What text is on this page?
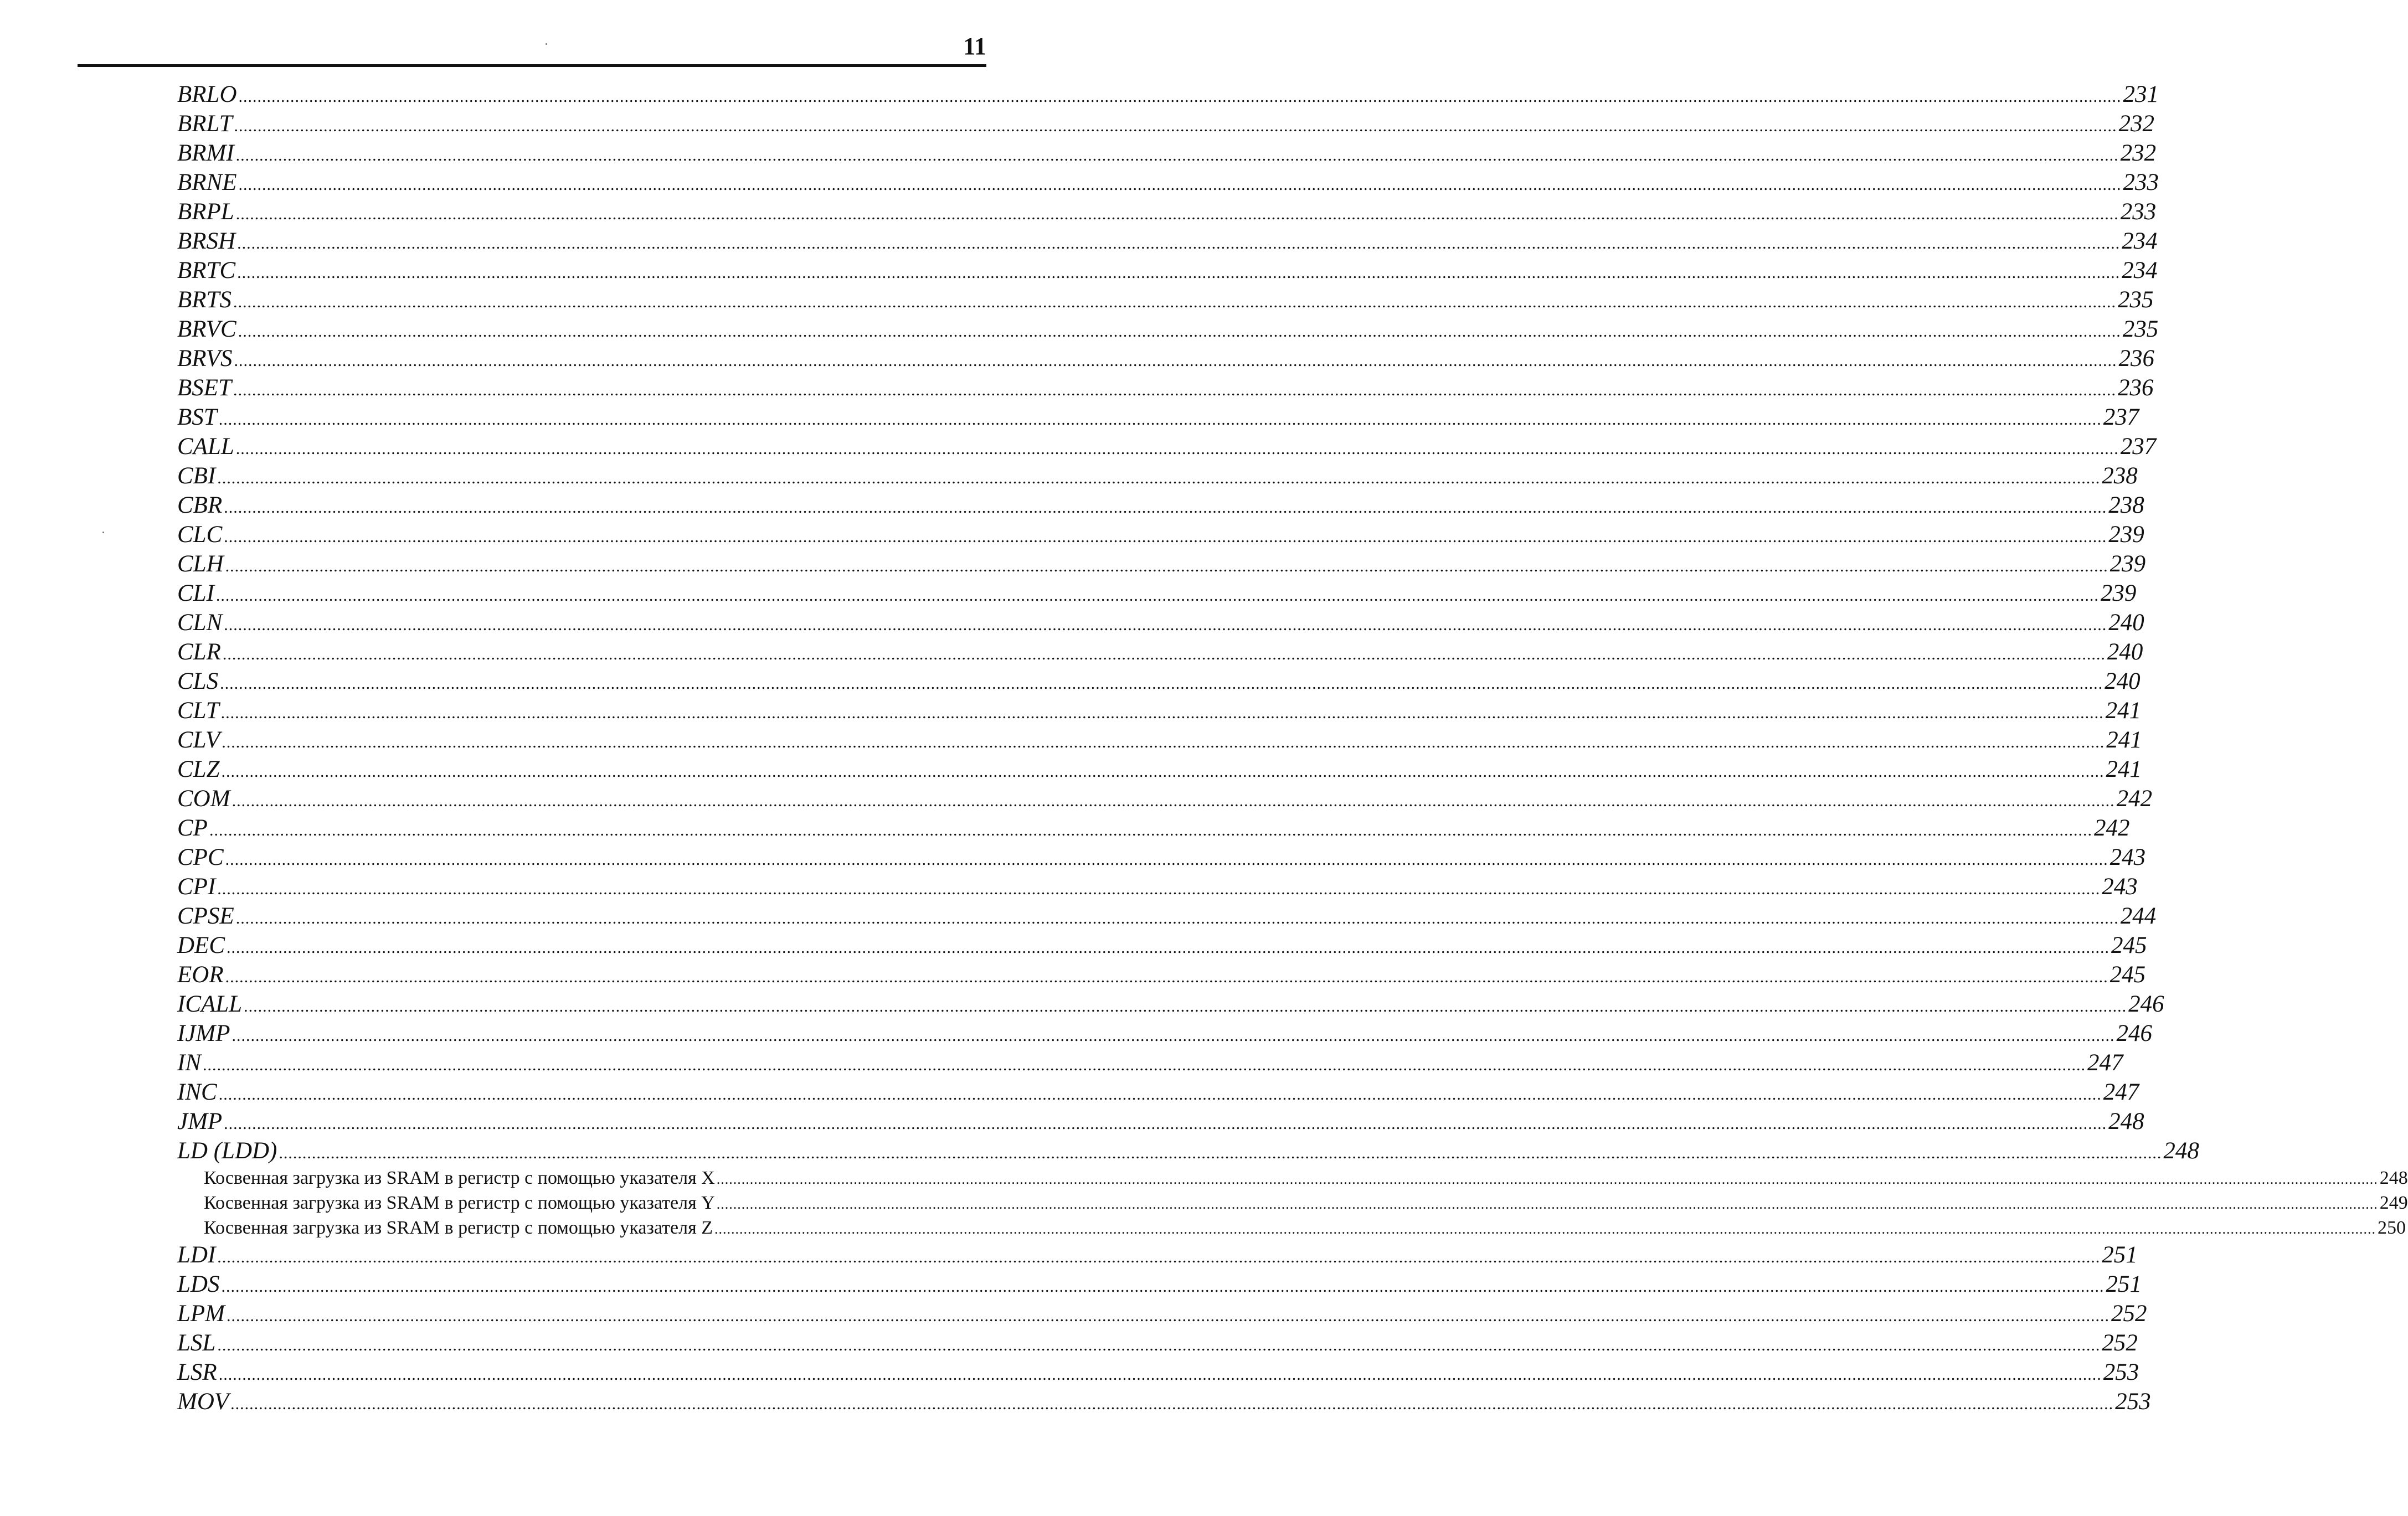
11
BRLO ................................................................................................................................................................................................................................................................................................................................................................................................................ 231
BRLT ................................................................................................................................................................................................................................................................................................................................................................................................................ 232
BRMI ................................................................................................................................................................................................................................................................................................................................................................................................................ 232
BRNE ................................................................................................................................................................................................................................................................................................................................................................................................................ 233
BRPL ................................................................................................................................................................................................................................................................................................................................................................................................................ 233
BRSH ................................................................................................................................................................................................................................................................................................................................................................................................................ 234
BRTC ................................................................................................................................................................................................................................................................................................................................................................................................................ 234
BRTS ................................................................................................................................................................................................................................................................................................................................................................................................................ 235
BRVC ................................................................................................................................................................................................................................................................................................................................................................................................................ 235
BRVS ................................................................................................................................................................................................................................................................................................................................................................................................................ 236
BSET ................................................................................................................................................................................................................................................................................................................................................................................................................ 236
BST ................................................................................................................................................................................................................................................................................................................................................................................................................ 237
CALL ................................................................................................................................................................................................................................................................................................................................................................................................................ 237
CBI ................................................................................................................................................................................................................................................................................................................................................................................................................ 238
CBR ................................................................................................................................................................................................................................................................................................................................................................................................................ 238
CLC ................................................................................................................................................................................................................................................................................................................................................................................................................ 239
CLH ................................................................................................................................................................................................................................................................................................................................................................................................................ 239
CLI ................................................................................................................................................................................................................................................................................................................................................................................................................ 239
CLN ................................................................................................................................................................................................................................................................................................................................................................................................................ 240
CLR ................................................................................................................................................................................................................................................................................................................................................................................................................ 240
CLS ................................................................................................................................................................................................................................................................................................................................................................................................................ 240
CLT ................................................................................................................................................................................................................................................................................................................................................................................................................ 241
CLV ................................................................................................................................................................................................................................................................................................................................................................................................................ 241
CLZ ................................................................................................................................................................................................................................................................................................................................................................................................................ 241
COM ................................................................................................................................................................................................................................................................................................................................................................................................................ 242
CP ................................................................................................................................................................................................................................................................................................................................................................................................................ 242
CPC ................................................................................................................................................................................................................................................................................................................................................................................................................ 243
CPI ................................................................................................................................................................................................................................................................................................................................................................................................................ 243
CPSE ................................................................................................................................................................................................................................................................................................................................................................................................................ 244
DEC ................................................................................................................................................................................................................................................................................................................................................................................................................ 245
EOR ................................................................................................................................................................................................................................................................................................................................................................................................................ 245
ICALL ................................................................................................................................................................................................................................................................................................................................................................................................................ 246
IJMP ................................................................................................................................................................................................................................................................................................................................................................................................................ 246
IN ................................................................................................................................................................................................................................................................................................................................................................................................................ 247
INC ................................................................................................................................................................................................................................................................................................................................................................................................................ 247
JMP ................................................................................................................................................................................................................................................................................................................................................................................................................ 248
LD (LDD) ................................................................................................................................................................................................................................................................................................................................................................................................................ 248
Косвенная загрузка из SRAM в регистр с помощью указателя X ................................................................................................................................................................................................................................................................................................................................................................................................................ 248
Косвенная загрузка из SRAM в регистр с помощью указателя Y ................................................................................................................................................................................................................................................................................................................................................................................................................ 249
Косвенная загрузка из SRAM в регистр с помощью указателя Z ................................................................................................................................................................................................................................................................................................................................................................................................................ 250
LDI ................................................................................................................................................................................................................................................................................................................................................................................................................ 251
LDS ................................................................................................................................................................................................................................................................................................................................................................................................................ 251
LPM ................................................................................................................................................................................................................................................................................................................................................................................................................ 252
LSL ................................................................................................................................................................................................................................................................................................................................................................................................................ 252
LSR ................................................................................................................................................................................................................................................................................................................................................................................................................ 253
MOV ................................................................................................................................................................................................................................................................................................................................................................................................................ 253
